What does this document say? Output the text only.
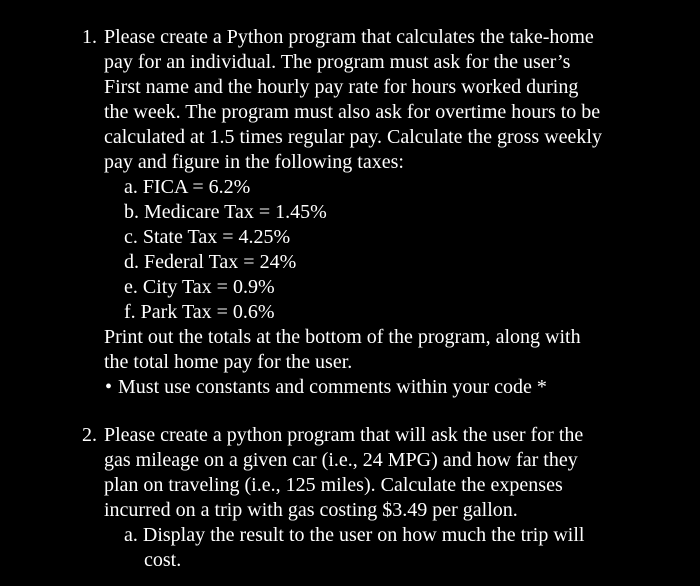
1. Please create a Python program that calculates the take-home
pay for an individual. The program must ask for the user’s
First name and the hourly pay rate for hours worked during
the week. The program must also ask for overtime hours to be
calculated at 1.5 times regular pay. Calculate the gross weekly
pay and figure in the following taxes:
a. FICA = 6.2%
b. Medicare Tax = 1.45%
c. State Tax = 4.25%
d. Federal Tax = 24%
e. City Tax = 0.9%
f. Park Tax = 0.6%
Print out the totals at the bottom of the program, along with
the total home pay for the user.
• Must use constants and comments within your code *
2. Please create a python program that will ask the user for the
gas mileage on a given car (i.e., 24 MPG) and how far they
plan on traveling (i.e., 125 miles). Calculate the expenses
incurred on a trip with gas costing $3.49 per gallon.
a. Display the result to the user on how much the trip will
cost.
